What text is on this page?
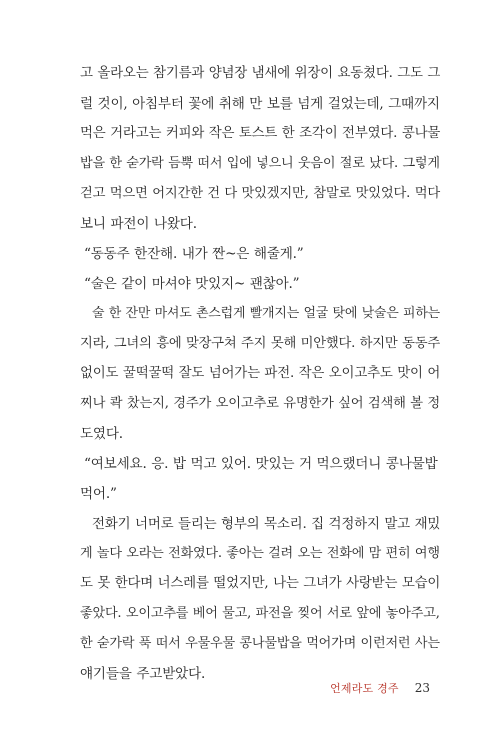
고 올라오는 참기름과 양념장 냄새에 위장이 요동쳤다. 그도 그
럴 것이, 아침부터 꽃에 취해 만 보를 넘게 걸었는데, 그때까지
먹은 거라고는 커피와 작은 토스트 한 조각이 전부였다. 콩나물
밥을 한 숟가락 듬뿍 떠서 입에 넣으니 웃음이 절로 났다. 그렇게
걷고 먹으면 어지간한 건 다 맛있겠지만, 참말로 맛있었다. 먹다
보니 파전이 나왔다.
“동동주 한잔해. 내가 짠~은 해줄게.”
“술은 같이 마셔야 맛있지~ 괜찮아.”
술 한 잔만 마셔도 촌스럽게 빨개지는 얼굴 탓에 낮술은 피하는
지라, 그녀의 흥에 맞장구쳐 주지 못해 미안했다. 하지만 동동주
없이도 꿀떡꿀떡 잘도 넘어가는 파전. 작은 오이고추도 맛이 어
찌나 콱 찼는지, 경주가 오이고추로 유명한가 싶어 검색해 볼 정
도였다.
“여보세요. 응. 밥 먹고 있어. 맛있는 거 먹으랬더니 콩나물밥
먹어.”
전화기 너머로 들리는 형부의 목소리. 집 걱정하지 말고 재밌
게 놀다 오라는 전화였다. 좋아는 걸려 오는 전화에 맘 편히 여행
도 못 한다며 너스레를 떨었지만, 나는 그녀가 사랑받는 모습이
좋았다. 오이고추를 베어 물고, 파전을 찢어 서로 앞에 놓아주고,
한 숟가락 푹 떠서 우물우물 콩나물밥을 먹어가며 이런저런 사는
얘기들을 주고받았다.
언제라도 경주 23
